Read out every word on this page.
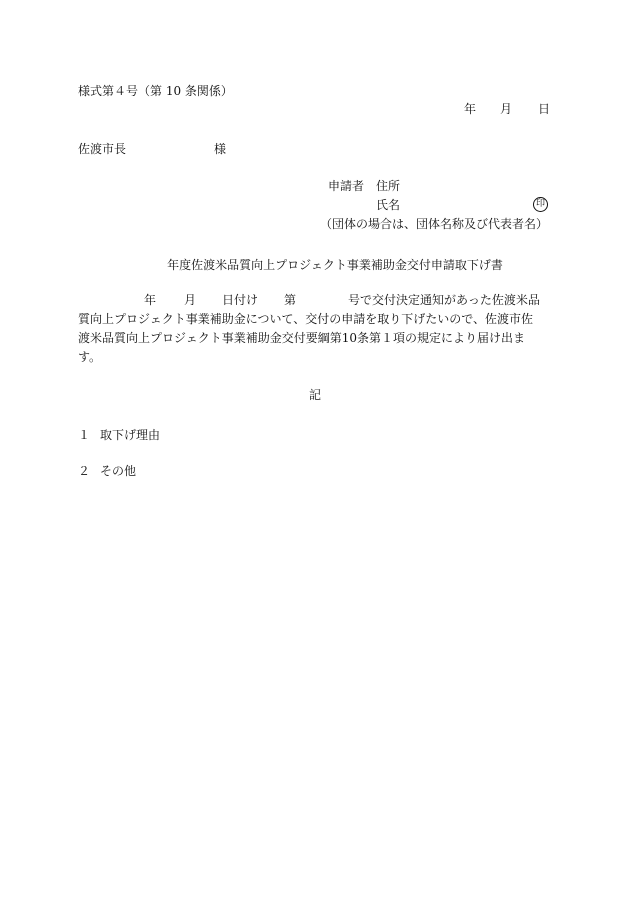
様式第４号（第 10 条関係）
年 月 日
佐渡市長	様
申請者 住所
氏名	印
（団体の場合は、団体名称及び代表者名）
年度佐渡米品質向上プロジェクト事業補助金交付申請取下げ書
年 月 日付け 第	号で交付決定通知があった佐渡米品
質向上プロジェクト事業補助金について、交付の申請を取り下げたいので、佐渡市佐
渡米品質向上プロジェクト事業補助金交付要綱第10条第１項の規定により届け出ま
す。
記
１ 取下げ理由
２ その他
